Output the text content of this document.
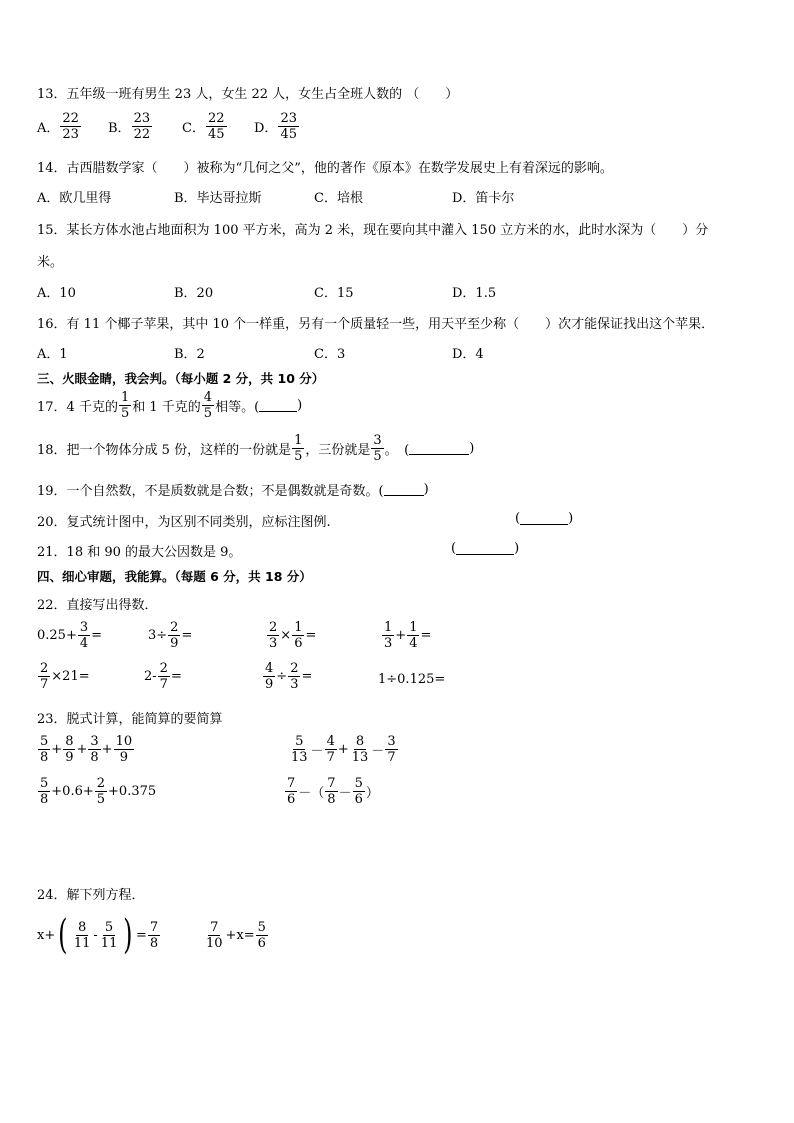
13．五年级一班有男生 23 人，女生 22 人，女生占全班人数的 （　　）
A． $\frac{22}{23}$ B． $\frac{23}{22}$ C． $\frac{22}{45}$ D． $\frac{23}{45}$
14．古西腊数学家（　　）被称为“几何之父”，他的著作《原本》在数学发展史上有着深远的影响。
A．欧几里得	B．毕达哥拉斯	C．培根	D．笛卡尔
15．某长方体水池占地面积为 100 平方米，高为 2 米，现在要向其中灌入 150 立方米的水，此时水深为（　　）分
米。
A．10	B．20	C．15	D．1.5
16．有 11 个椰子苹果，其中 10 个一样重，另有一个质量轻一些，用天平至少称（　　）次才能保证找出这个苹果．
A．1	B．2	C．3	D．4
三、火眼金睛，我会判。（每小题 2 分，共 10 分）
17．4 千克的 $\frac{1}{5}$ 和 1 千克的 $\frac{4}{5}$ 相等。(	)
18．把一个物体分成 5 份，这样的一份就是 $\frac{1}{5}$ ，三份就是 $\frac{3}{5}$ 。　(	)
19．一个自然数，不是质数就是合数；不是偶数就是奇数。(	)
20．复式统计图中，为区别不同类别，应标注图例.	(	)
21．18 和 90 的最大公因数是 9。	(	)
四、细心审题，我能算。（每题 6 分，共 18 分）
22．直接写出得数．
$0.25+ \frac{3}{4}$ =	$3\div \frac{2}{9}$ =	$\frac{2}{3} \times \frac{1}{6}$ =	$\frac{1}{3} + \frac{1}{4}$ =
$\frac{2}{7} \times 21=$	$2- \frac{2}{7}$ =	$\frac{4}{9} \div \frac{2}{3}$ =	1÷0.125=
23．脱式计算，能简算的要简算
$\frac{5}{8} + \frac{8}{9} + \frac{3}{8} + \frac{10}{9}$	$\frac{5}{13} - \frac{4}{7} + \frac{8}{13} - \frac{3}{7}$
$\frac{5}{8} +0.6+ \frac{2}{5} +0.375$	$\frac{7}{6}$ －（ $\frac{7}{8} - \frac{5}{6}$ ）
24．解下列方程．
x+ ( $\frac{8}{11} - \frac{5}{11}$ ) = $\frac{7}{8}$	$\frac{7}{10} +x= \frac{5}{6}$
